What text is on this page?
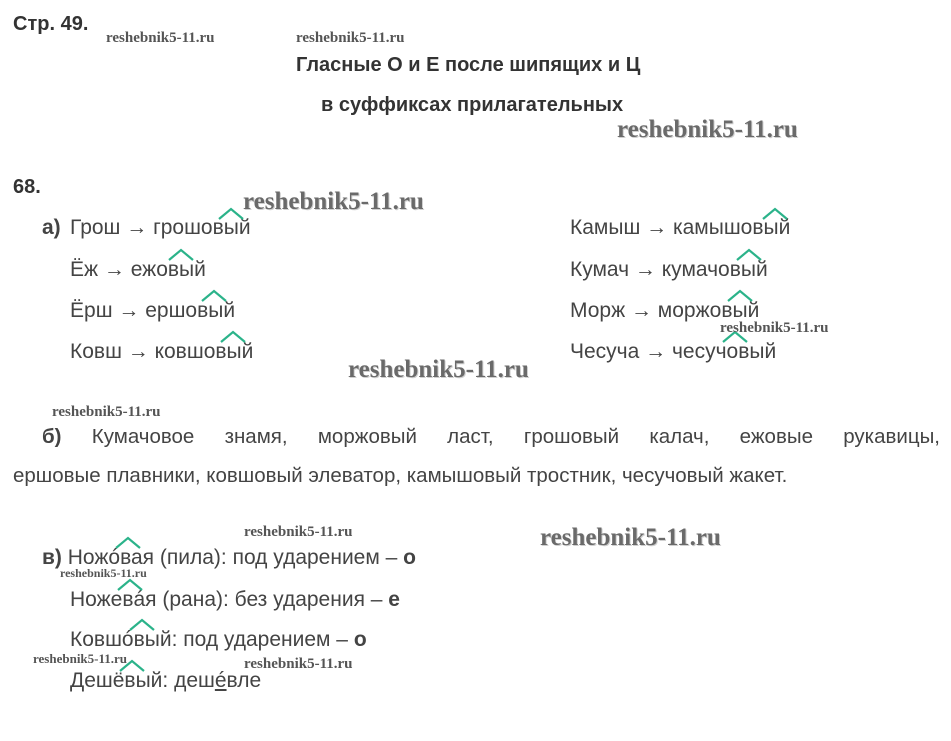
Стр. 49.
Гласные О и Е после шипящих и Ц
в суффиксах прилагательных
68.
а) Грош → грошовый
Ёж → ежовый
Ёрш → ершовый
Ковш → ковшовый
Камыш → камышовый
Кумач → кумачовый
Морж → моржовый
Чесуча → чесучовый
б) Кумачовое знамя, моржовый ласт, грошовый калач, ежовые рукавицы,
ершовые плавники, ковшовый элеватор, камышовый тростник, чесучовый жакет.
в) Ножóвая (пила): под ударением – о
Ножевáя (рана): без ударения – е
Ковшóвый: под ударением – о
Дешёвый: дешéвле
reshebnik5-11.ru	reshebnik5-11.ru
reshebnik5-11.ru
reshebnik5-11.ru
reshebnik5-11.ru
reshebnik5-11.ru
reshebnik5-11.ru
reshebnik5-11.ru	reshebnik5-11.ru
reshebnik5-11.ru
reshebnik5-11.ru	reshebnik5-11.ru
